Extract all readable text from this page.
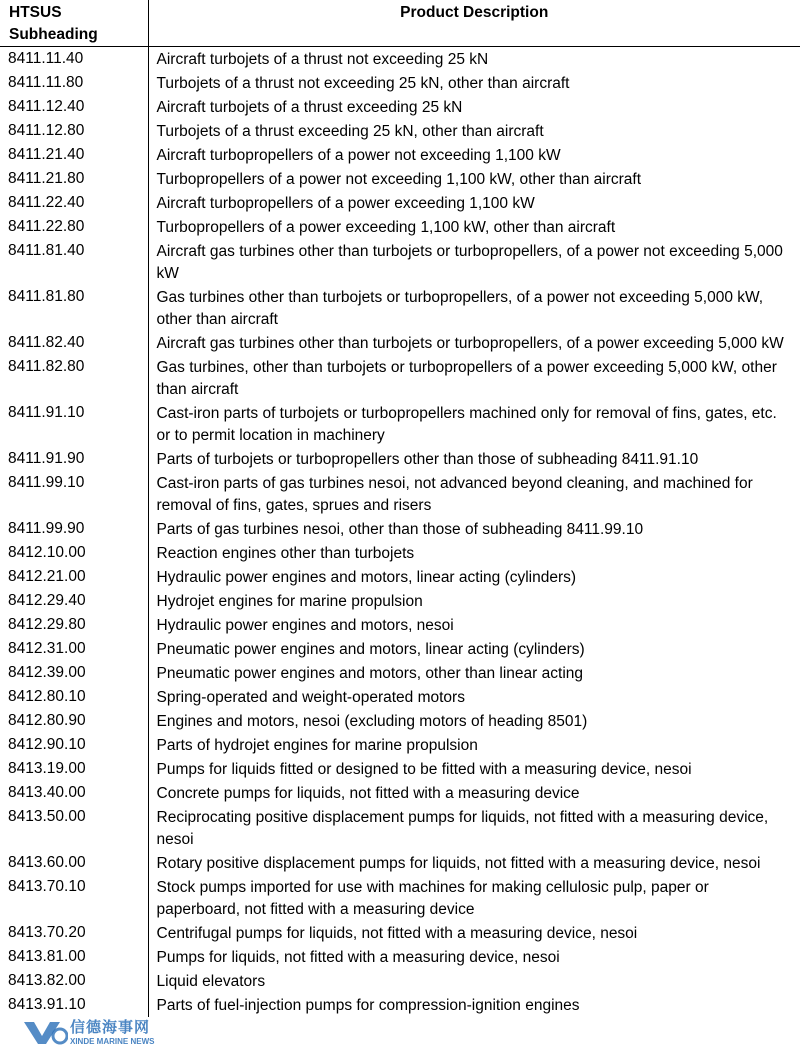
HTSUS Subheading	Product Description
8411.11.40	Aircraft turbojets of a thrust not exceeding 25 kN
8411.11.80	Turbojets of a thrust not exceeding 25 kN, other than aircraft
8411.12.40	Aircraft turbojets of a thrust exceeding 25 kN
8411.12.80	Turbojets of a thrust exceeding 25 kN, other than aircraft
8411.21.40	Aircraft turbopropellers of a power not exceeding 1,100 kW
8411.21.80	Turbopropellers of a power not exceeding 1,100 kW, other than aircraft
8411.22.40	Aircraft turbopropellers of a power exceeding 1,100 kW
8411.22.80	Turbopropellers of a power exceeding 1,100 kW, other than aircraft
8411.81.40	Aircraft gas turbines other than turbojets or turbopropellers, of a power not exceeding 5,000 kW
8411.81.80	Gas turbines other than turbojets or turbopropellers, of a power not exceeding 5,000 kW, other than aircraft
8411.82.40	Aircraft gas turbines other than turbojets or turbopropellers, of a power exceeding 5,000 kW
8411.82.80	Gas turbines, other than turbojets or turbopropellers of a power exceeding 5,000 kW, other than aircraft
8411.91.10	Cast-iron parts of turbojets or turbopropellers machined only for removal of fins, gates, etc. or to permit location in machinery
8411.91.90	Parts of turbojets or turbopropellers other than those of subheading 8411.91.10
8411.99.10	Cast-iron parts of gas turbines nesoi, not advanced beyond cleaning, and machined for removal of fins, gates, sprues and risers
8411.99.90	Parts of gas turbines nesoi, other than those of subheading 8411.99.10
8412.10.00	Reaction engines other than turbojets
8412.21.00	Hydraulic power engines and motors, linear acting (cylinders)
8412.29.40	Hydrojet engines for marine propulsion
8412.29.80	Hydraulic power engines and motors, nesoi
8412.31.00	Pneumatic power engines and motors, linear acting (cylinders)
8412.39.00	Pneumatic power engines and motors, other than linear acting
8412.80.10	Spring-operated and weight-operated motors
8412.80.90	Engines and motors, nesoi (excluding motors of heading 8501)
8412.90.10	Parts of hydrojet engines for marine propulsion
8413.19.00	Pumps for liquids fitted or designed to be fitted with a measuring device, nesoi
8413.40.00	Concrete pumps for liquids, not fitted with a measuring device
8413.50.00	Reciprocating positive displacement pumps for liquids, not fitted with a measuring device, nesoi
8413.60.00	Rotary positive displacement pumps for liquids, not fitted with a measuring device, nesoi
8413.70.10	Stock pumps imported for use with machines for making cellulosic pulp, paper or paperboard, not fitted with a measuring device
8413.70.20	Centrifugal pumps for liquids, not fitted with a measuring device, nesoi
8413.81.00	Pumps for liquids, not fitted with a measuring device, nesoi
8413.82.00	Liquid elevators
8413.91.10	Parts of fuel-injection pumps for compression-ignition engines
信德海事网
XINDE MARINE NEWS
